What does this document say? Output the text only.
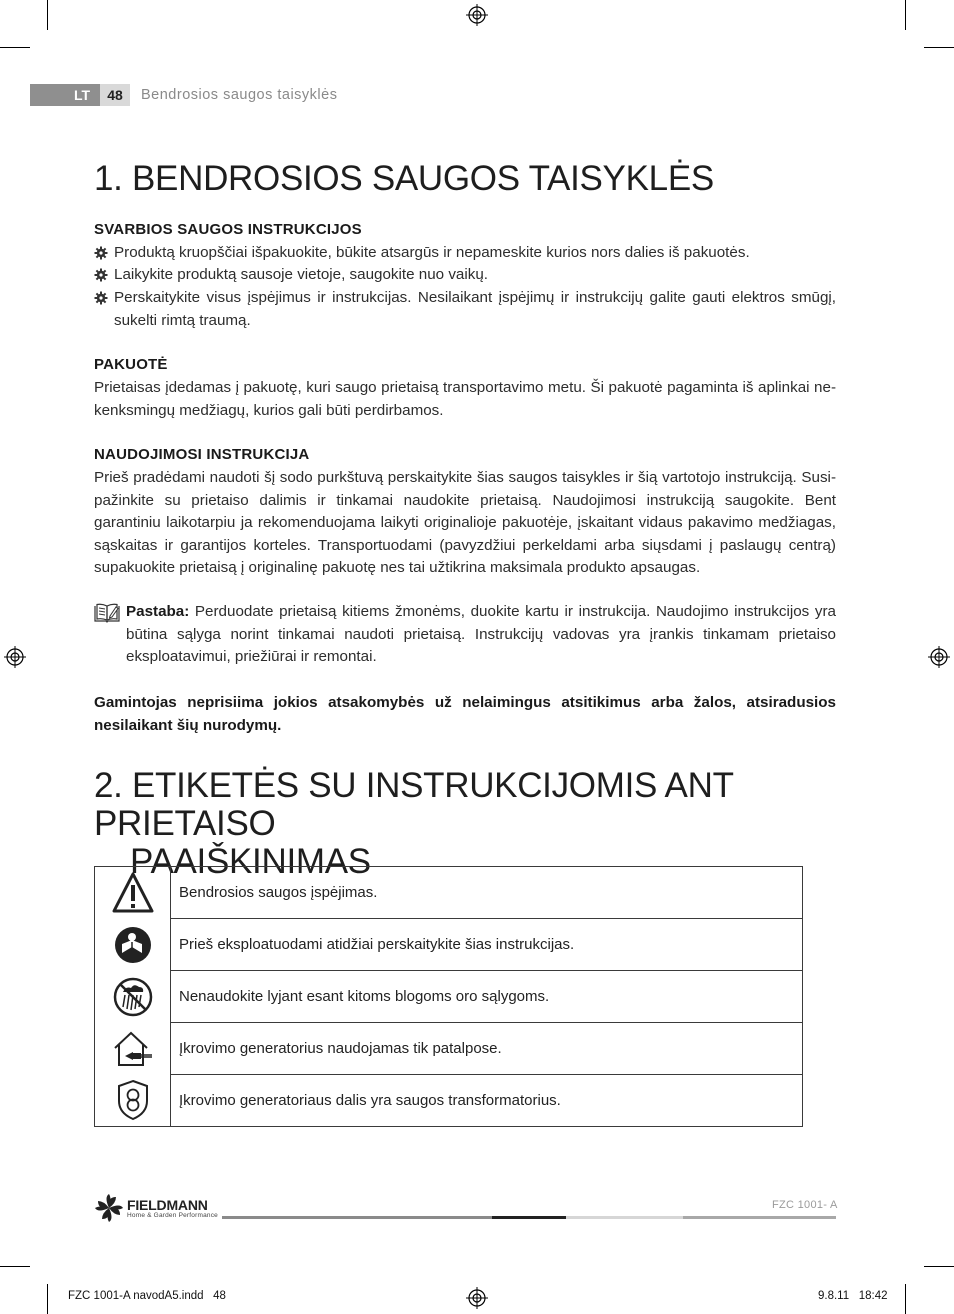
LT	48	Bendrosios saugos taisyklės
1. BENDROSIOS SAUGOS TAISYKLĖS
SVARBIOS SAUGOS INSTRUKCIJOS
Produktą kruopščiai išpakuokite, būkite atsargūs ir nepameskite kurios nors dalies iš pakuotės.
Laikykite produktą sausoje vietoje, saugokite nuo vaikų.
Perskaitykite visus įspėjimus ir instrukcijas. Nesilaikant įspėjimų ir instrukcijų galite gauti elektros smūgį, sukelti rimtą traumą.
PAKUOTĖ
Prietaisas įdedamas į pakuotę, kuri saugo prietaisą transportavimo metu. Ši pakuotė pagaminta iš aplinkai nekenksmingų medžiagų, kurios gali būti perdirbamos.
NAUDOJIMOSI INSTRUKCIJA
Prieš pradėdami naudoti šį sodo purkštuvą perskaitykite šias saugos taisykles ir šią vartotojo instrukciją. Susipažinkite su prietaiso dalimis ir tinkamai naudokite prietaisą. Naudojimosi instrukciją saugokite. Bent garantiniu laikotarpiu ja rekomenduojama laikyti originalioje pakuotėje, įskaitant vidaus pakavimo medžiagas, sąskaitas ir garantijos korteles. Transportuodami (pavyzdžiui perkeldami arba siųsdami į paslaugų centrą) supakuokite prietaisą į originalinę pakuotę nes tai užtikrina maksimala produkto apsaugas.
Pastaba: Perduodate prietaisą kitiems žmonėms, duokite kartu ir instrukcija. Naudojimo instrukcijos yra būtina sąlyga norint tinkamai naudoti prietaisą. Instrukcijų vadovas yra įrankis tinkamam prietaiso eksploatavimui, priežiūrai ir remontai.
Gamintojas neprisiima jokios atsakomybės už nelaimingus atsitikimus arba žalos, atsiradusios nesilaikant šių nurodymų.
2. ETIKETĖS SU INSTRUKCIJOMIS ANT PRIETAISO
PAAIŠKINIMAS
	Bendrosios saugos įspėjimas.

	Prieš eksploatuodami atidžiai perskaitykite šias instrukcijas.

	Nenaudokite lyjant esant kitoms blogoms oro sąlygoms.

	Įkrovimo generatorius naudojamas tik patalpose.

	Įkrovimo generatoriaus dalis yra saugos transformatorius.
FIELDMANN
Home & Garden Performance
FZC 1001- A
FZC 1001-A navodA5.indd   48	9.8.11   18:42
